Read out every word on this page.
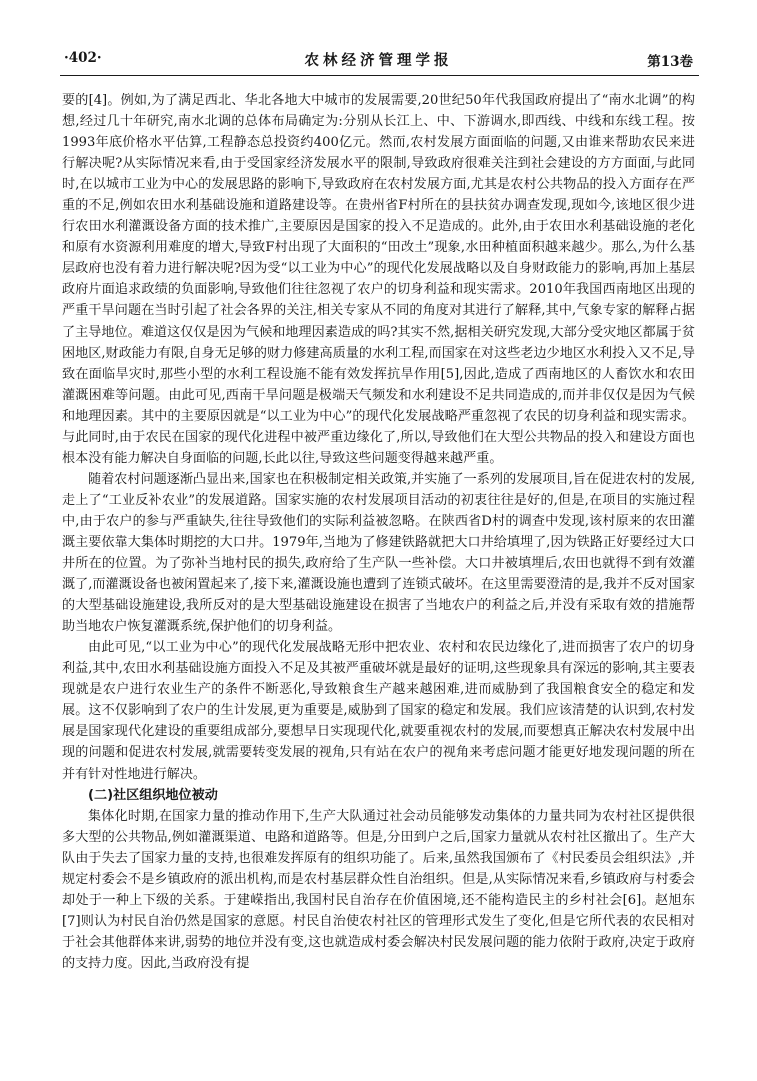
·402·	农林经济管理学报	第13卷

要的[4]。例如,为了满足西北、华北各地大中城市的发展需要,20世纪50年代我国政府提出了“南水北调”的构想,经过几十年研究,南水北调的总体布局确定为:分别从长江上、中、下游调水,即西线、中线和东线工程。按1993年底价格水平估算,工程静态总投资约400亿元。然而,农村发展方面面临的问题,又由谁来帮助农民来进行解决呢?从实际情况来看,由于受国家经济发展水平的限制,导致政府很难关注到社会建设的方方面面,与此同时,在以城市工业为中心的发展思路的影响下,导致政府在农村发展方面,尤其是农村公共物品的投入方面存在严重的不足,例如农田水利基础设施和道路建设等。在贵州省F村所在的县扶贫办调查发现,现如今,该地区很少进行农田水利灌溉设备方面的技术推广,主要原因是国家的投入不足造成的。此外,由于农田水利基础设施的老化和原有水资源利用难度的增大,导致F村出现了大面积的“田改土”现象,水田种植面积越来越少。那么,为什么基层政府也没有着力进行解决呢?因为受“以工业为中心”的现代化发展战略以及自身财政能力的影响,再加上基层政府片面追求政绩的负面影响,导致他们往往忽视了农户的切身利益和现实需求。2010年我国西南地区出现的严重干旱问题在当时引起了社会各界的关注,相关专家从不同的角度对其进行了解释,其中,气象专家的解释占据了主导地位。难道这仅仅是因为气候和地理因素造成的吗?其实不然,据相关研究发现,大部分受灾地区都属于贫困地区,财政能力有限,自身无足够的财力修建高质量的水利工程,而国家在对这些老边少地区水利投入又不足,导致在面临旱灾时,那些小型的水利工程设施不能有效发挥抗旱作用[5],因此,造成了西南地区的人畜饮水和农田灌溉困难等问题。由此可见,西南干旱问题是极端天气频发和水利建设不足共同造成的,而并非仅仅是因为气候和地理因素。其中的主要原因就是“以工业为中心”的现代化发展战略严重忽视了农民的切身利益和现实需求。与此同时,由于农民在国家的现代化进程中被严重边缘化了,所以,导致他们在大型公共物品的投入和建设方面也根本没有能力解决自身面临的问题,长此以往,导致这些问题变得越来越严重。

随着农村问题逐渐凸显出来,国家也在积极制定相关政策,并实施了一系列的发展项目,旨在促进农村的发展,走上了“工业反补农业”的发展道路。国家实施的农村发展项目活动的初衷往往是好的,但是,在项目的实施过程中,由于农户的参与严重缺失,往往导致他们的实际利益被忽略。在陕西省D村的调查中发现,该村原来的农田灌溉主要依靠大集体时期挖的大口井。1979年,当地为了修建铁路就把大口井给填埋了,因为铁路正好要经过大口井所在的位置。为了弥补当地村民的损失,政府给了生产队一些补偿。大口井被填埋后,农田也就得不到有效灌溉了,而灌溉设备也被闲置起来了,接下来,灌溉设施也遭到了连锁式破坏。在这里需要澄清的是,我并不反对国家的大型基础设施建设,我所反对的是大型基础设施建设在损害了当地农户的利益之后,并没有采取有效的措施帮助当地农户恢复灌溉系统,保护他们的切身利益。

由此可见,“以工业为中心”的现代化发展战略无形中把农业、农村和农民边缘化了,进而损害了农户的切身利益,其中,农田水利基础设施方面投入不足及其被严重破坏就是最好的证明,这些现象具有深远的影响,其主要表现就是农户进行农业生产的条件不断恶化,导致粮食生产越来越困难,进而威胁到了我国粮食安全的稳定和发展。这不仅影响到了农户的生计发展,更为重要是,威胁到了国家的稳定和发展。我们应该清楚的认识到,农村发展是国家现代化建设的重要组成部分,要想早日实现现代化,就要重视农村的发展,而要想真正解决农村发展中出现的问题和促进农村发展,就需要转变发展的视角,只有站在农户的视角来考虑问题才能更好地发现问题的所在并有针对性地进行解决。

(二)社区组织地位被动

集体化时期,在国家力量的推动作用下,生产大队通过社会动员能够发动集体的力量共同为农村社区提供很多大型的公共物品,例如灌溉渠道、电路和道路等。但是,分田到户之后,国家力量就从农村社区撤出了。生产大队由于失去了国家力量的支持,也很难发挥原有的组织功能了。后来,虽然我国颁布了《村民委员会组织法》,并规定村委会不是乡镇政府的派出机构,而是农村基层群众性自治组织。但是,从实际情况来看,乡镇政府与村委会却处于一种上下级的关系。于建嵘指出,我国村民自治存在价值困境,还不能构造民主的乡村社会[6]。赵旭东[7]则认为村民自治仍然是国家的意愿。村民自治使农村社区的管理形式发生了变化,但是它所代表的农民相对于社会其他群体来讲,弱势的地位并没有变,这也就造成村委会解决村民发展问题的能力依附于政府,决定于政府的支持力度。因此,当政府没有提
